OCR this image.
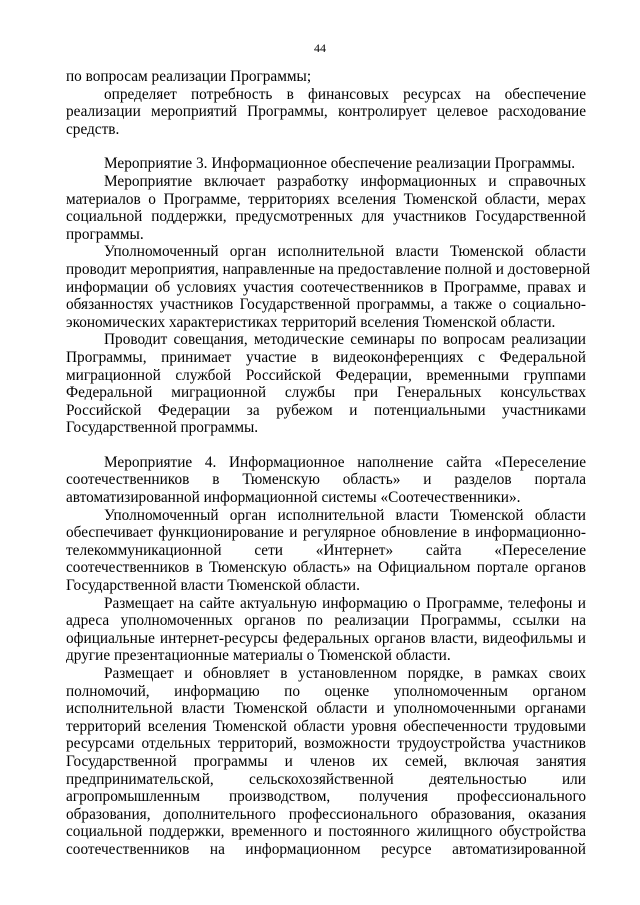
44
по вопросам реализации Программы;
определяет потребность в финансовых ресурсах на обеспечение
реализации мероприятий Программы, контролирует целевое расходование
средств.
Мероприятие 3. Информационное обеспечение реализации Программы.
Мероприятие включает разработку информационных и справочных
материалов о Программе, территориях вселения Тюменской области, мерах
социальной поддержки, предусмотренных для участников Государственной
программы.
Уполномоченный орган исполнительной власти Тюменской области
проводит мероприятия, направленные на предоставление полной и достоверной
информации об условиях участия соотечественников в Программе, правах и
обязанностях участников Государственной программы, а также о социально-
экономических характеристиках территорий вселения Тюменской области.
Проводит совещания, методические семинары по вопросам реализации
Программы, принимает участие в видеоконференциях с Федеральной
миграционной службой Российской Федерации, временными группами
Федеральной миграционной службы при Генеральных консульствах
Российской Федерации за рубежом и потенциальными участниками
Государственной программы.
Мероприятие 4. Информационное наполнение сайта «Переселение
соотечественников в Тюменскую область» и разделов портала
автоматизированной информационной системы «Соотечественники».
Уполномоченный орган исполнительной власти Тюменской области
обеспечивает функционирование и регулярное обновление в информационно-
телекоммуникационной сети «Интернет» сайта «Переселение
соотечественников в Тюменскую область» на Официальном портале органов
Государственной власти Тюменской области.
Размещает на сайте актуальную информацию о Программе, телефоны и
адреса уполномоченных органов по реализации Программы, ссылки на
официальные интернет-ресурсы федеральных органов власти, видеофильмы и
другие презентационные материалы о Тюменской области.
Размещает и обновляет в установленном порядке, в рамках своих
полномочий, информацию по оценке уполномоченным органом
исполнительной власти Тюменской области и уполномоченными органами
территорий вселения Тюменской области уровня обеспеченности трудовыми
ресурсами отдельных территорий, возможности трудоустройства участников
Государственной программы и членов их семей, включая занятия
предпринимательской, сельскохозяйственной деятельностью или
агропромышленным производством, получения профессионального
образования, дополнительного профессионального образования, оказания
социальной поддержки, временного и постоянного жилищного обустройства
соотечественников на информационном ресурсе автоматизированной
